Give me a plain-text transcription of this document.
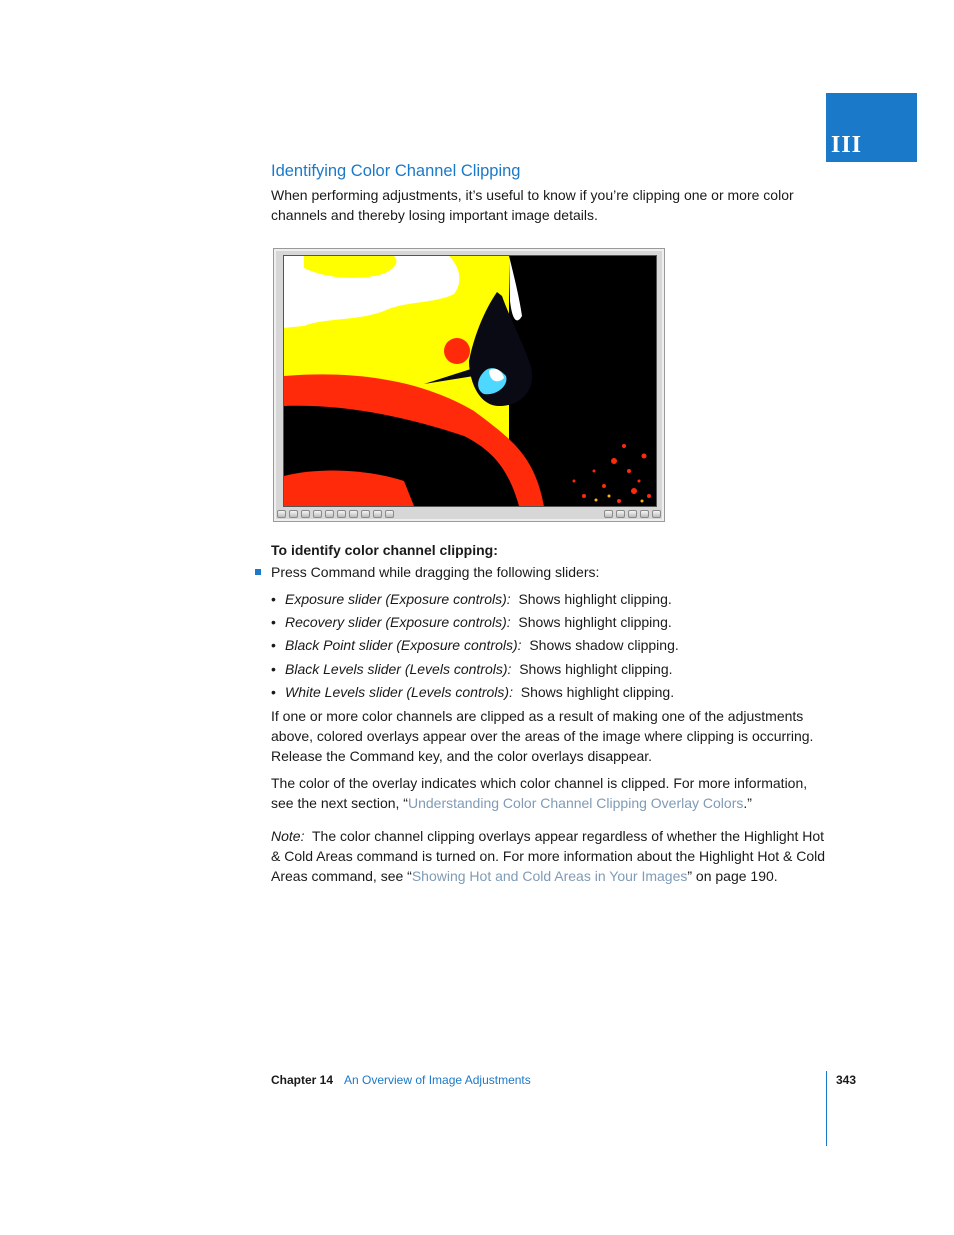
III
Identifying Color Channel Clipping

When performing adjustments, it’s useful to know if you’re clipping one or more color channels and thereby losing important image details.

To identify color channel clipping:
Press Command while dragging the following sliders:
• Exposure slider (Exposure controls): Shows highlight clipping.
• Recovery slider (Exposure controls): Shows highlight clipping.
• Black Point slider (Exposure controls): Shows shadow clipping.
• Black Levels slider (Levels controls): Shows highlight clipping.
• White Levels slider (Levels controls): Shows highlight clipping.

If one or more color channels are clipped as a result of making one of the adjustments above, colored overlays appear over the areas of the image where clipping is occurring. Release the Command key, and the color overlays disappear.

The color of the overlay indicates which color channel is clipped. For more information, see the next section, “Understanding Color Channel Clipping Overlay Colors.”

Note: The color channel clipping overlays appear regardless of whether the Highlight Hot & Cold Areas command is turned on. For more information about the Highlight Hot & Cold Areas command, see “Showing Hot and Cold Areas in Your Images” on page 190.

Chapter 14 An Overview of Image Adjustments	343
